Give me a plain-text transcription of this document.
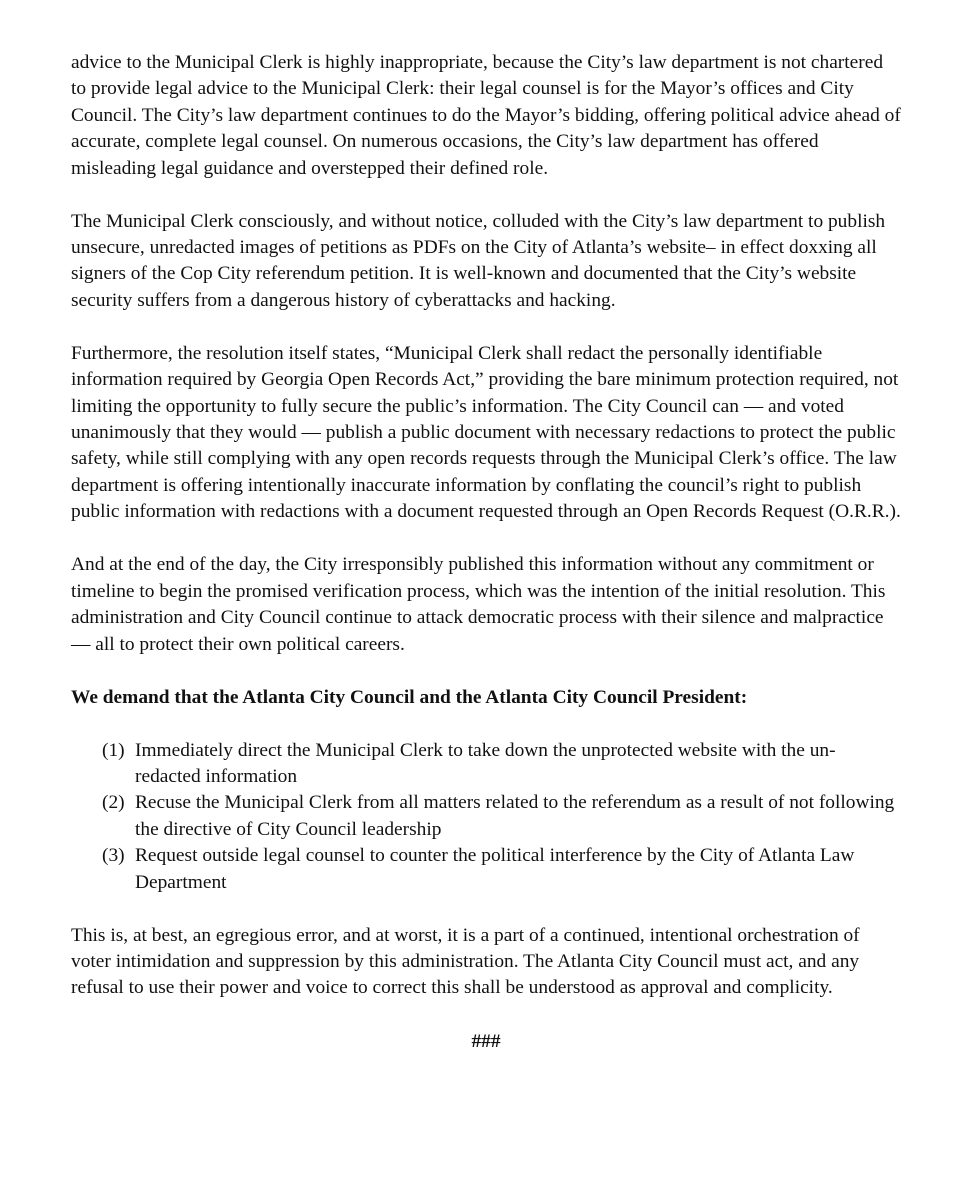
advice to the Municipal Clerk is highly inappropriate, because the City’s law department is not chartered to provide legal advice to the Municipal Clerk: their legal counsel is for the Mayor’s offices and City Council. The City’s law department continues to do the Mayor’s bidding, offering political advice ahead of accurate, complete legal counsel. On numerous occasions, the City’s law department has offered misleading legal guidance and overstepped their defined role.

The Municipal Clerk consciously, and without notice, colluded with the City’s law department to publish unsecure, unredacted images of petitions as PDFs on the City of Atlanta’s website– in effect doxxing all signers of the Cop City referendum petition. It is well-known and documented that the City’s website security suffers from a dangerous history of cyberattacks and hacking.

Furthermore, the resolution itself states, “Municipal Clerk shall redact the personally identifiable information required by Georgia Open Records Act,” providing the bare minimum protection required, not limiting the opportunity to fully secure the public’s information. The City Council can — and voted unanimously that they would — publish a public document with necessary redactions to protect the public safety, while still complying with any open records requests through the Municipal Clerk’s office. The law department is offering intentionally inaccurate information by conflating the council’s right to publish public information with redactions with a document requested through an Open Records Request (O.R.R.).

And at the end of the day, the City irresponsibly published this information without any commitment or timeline to begin the promised verification process, which was the intention of the initial resolution. This administration and City Council continue to attack democratic process with their silence and malpractice — all to protect their own political careers.

We demand that the Atlanta City Council and the Atlanta City Council President:

(1) Immediately direct the Municipal Clerk to take down the unprotected website with the un-redacted information
(2) Recuse the Municipal Clerk from all matters related to the referendum as a result of not following the directive of City Council leadership
(3) Request outside legal counsel to counter the political interference by the City of Atlanta Law Department

This is, at best, an egregious error, and at worst, it is a part of a continued, intentional orchestration of voter intimidation and suppression by this administration. The Atlanta City Council must act, and any refusal to use their power and voice to correct this shall be understood as approval and complicity.

###
